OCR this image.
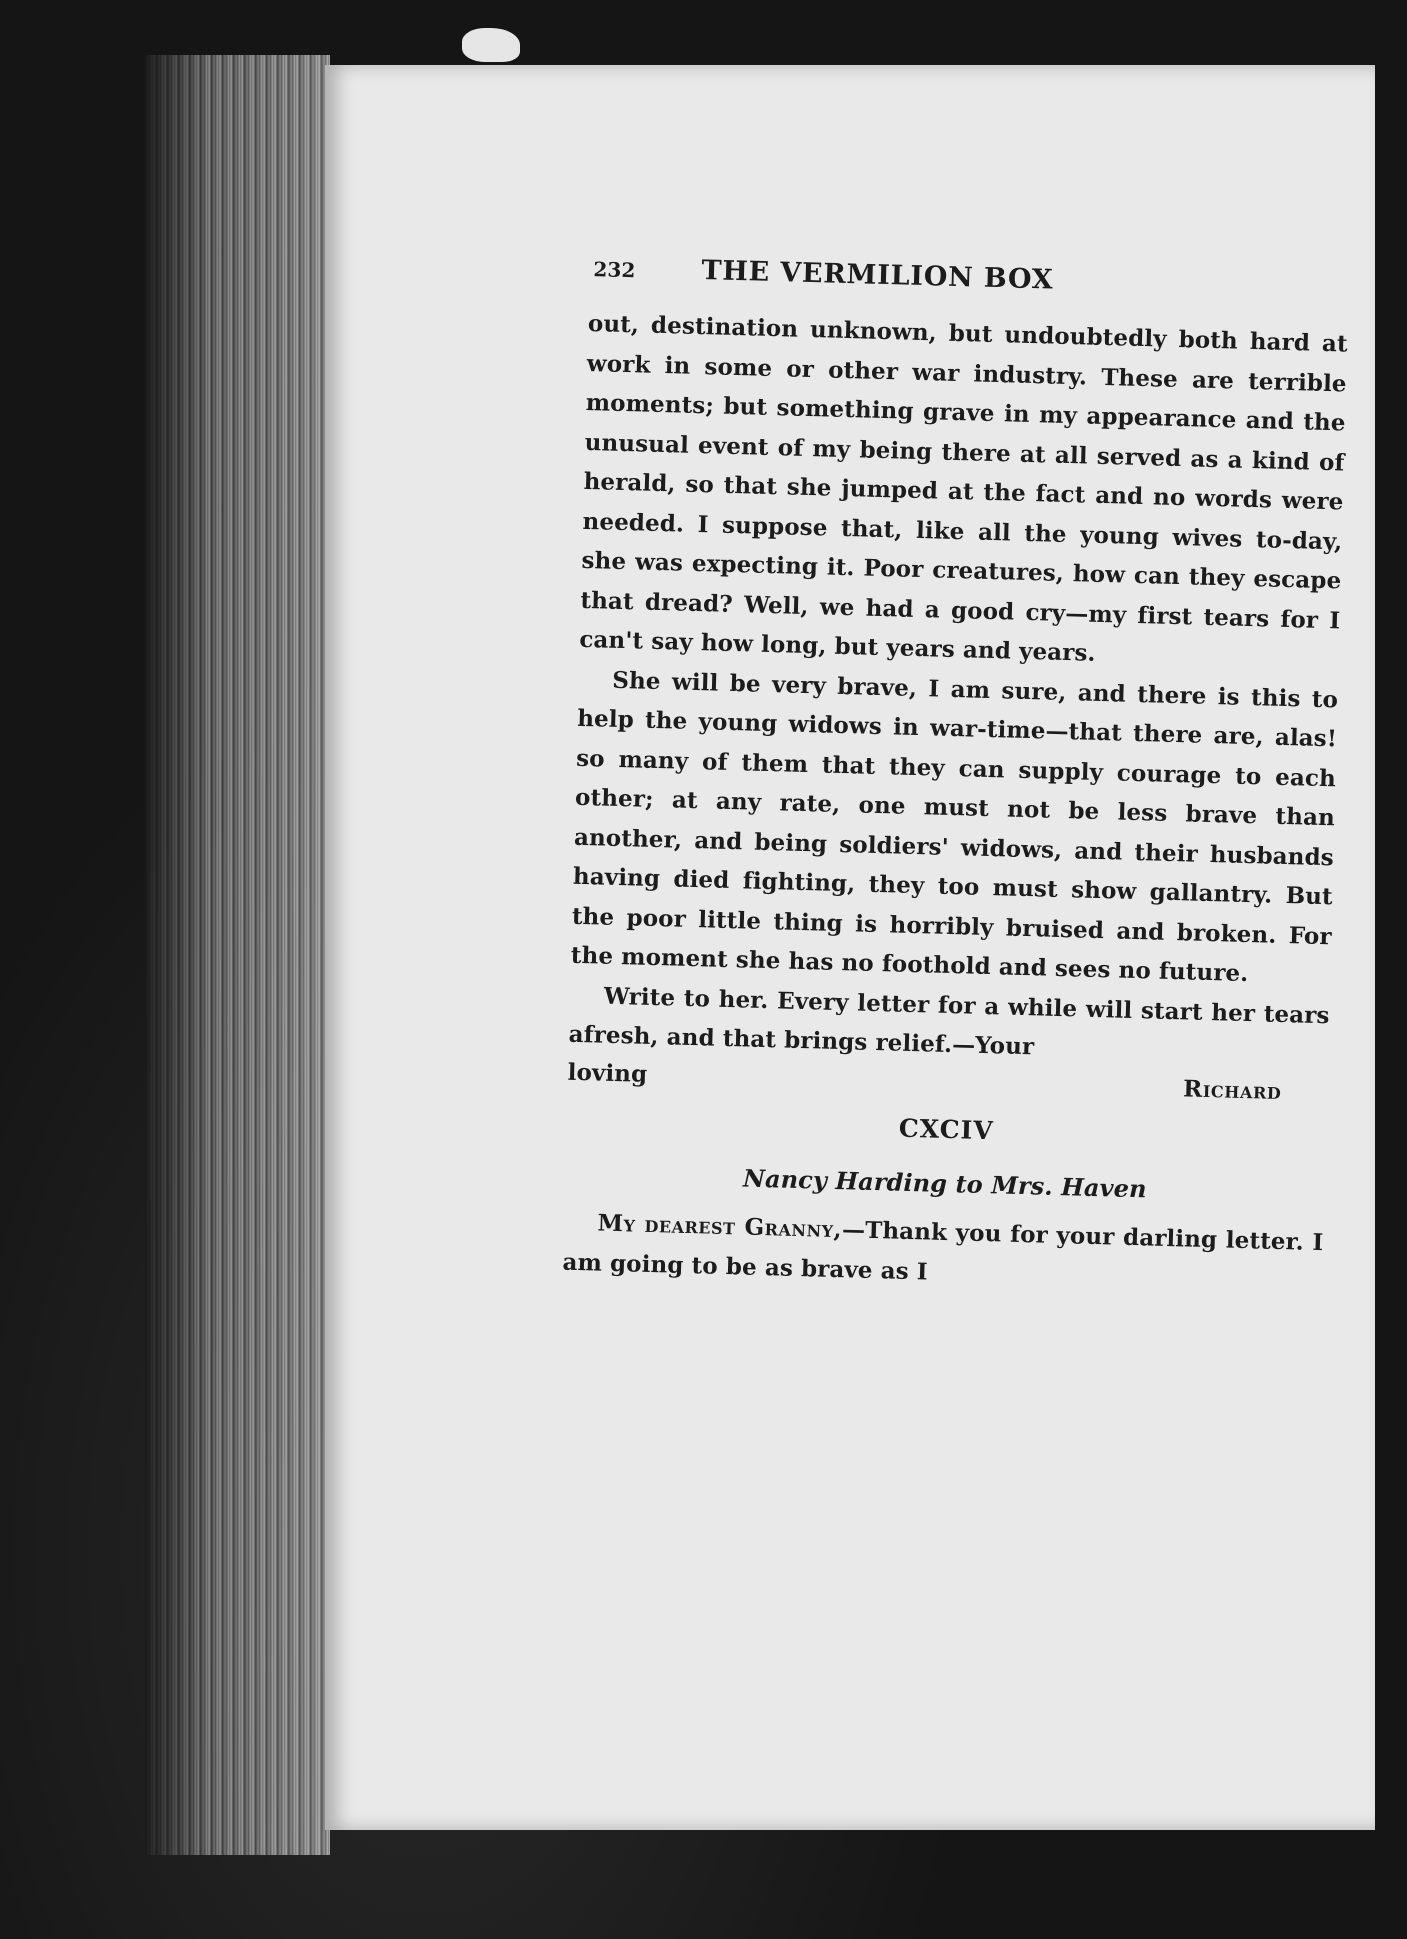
232	THE VERMILION BOX

out, destination unknown, but undoubtedly both hard at work in some or other war industry. These are terrible moments; but something grave in my appearance and the unusual event of my being there at all served as a kind of herald, so that she jumped at the fact and no words were needed. I suppose that, like all the young wives to-day, she was expecting it. Poor creatures, how can they escape that dread? Well, we had a good cry—my first tears for I can't say how long, but years and years.

She will be very brave, I am sure, and there is this to help the young widows in war-time—that there are, alas! so many of them that they can supply courage to each other; at any rate, one must not be less brave than another, and being soldiers' widows, and their husbands having died fighting, they too must show gallantry. But the poor little thing is horribly bruised and broken. For the moment she has no foothold and sees no future.

Write to her. Every letter for a while will start her tears afresh, and that brings relief.—Your

loving
Richard
CXCIV
Nancy Harding to Mrs. Haven

My dearest Granny,—Thank you for your darling letter. I am going to be as brave as I
